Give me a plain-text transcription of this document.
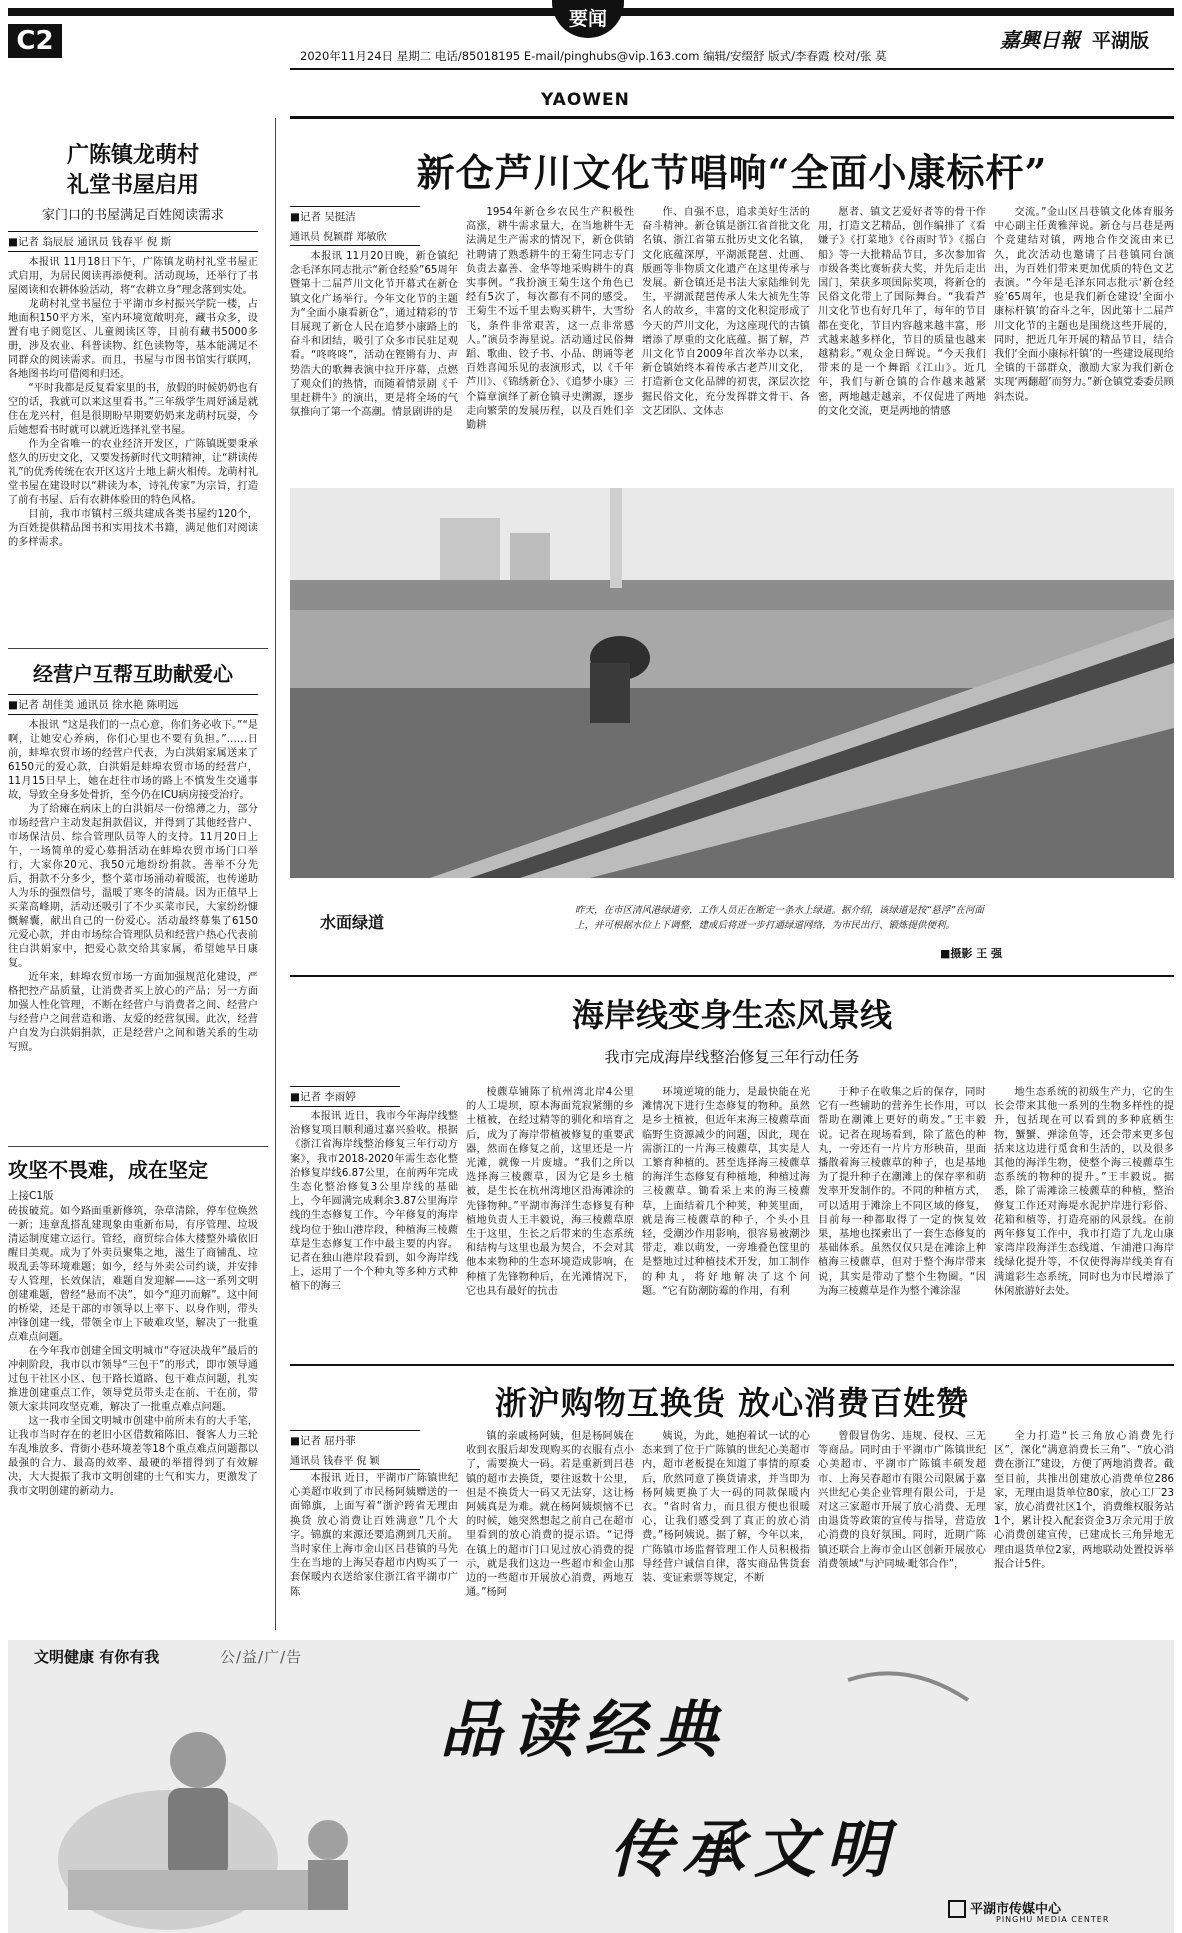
C2
要闻
2020年11月24日 星期二 电话/85018195 E-mail/pinghubs@vip.163.com 编辑/安缀舒 版式/李春霞 校对/张 莫
嘉興日報 平湖版
YAOWEN
广陈镇龙萌村
礼堂书屋启用
家门口的书屋满足百姓阅读需求
■记者 翁辰辰 通讯员 钱春平 倪 斯
本报讯 11月18日下午，广陈镇龙萌村礼堂书屋正式启用，为居民阅读再添便利。活动现场，还举行了书屋阅读和农耕体验活动，将“农耕立身”理念落到实处。
龙萌村礼堂书屋位于平湖市乡村振兴学院一楼，占地面积150平方米，室内环境宽敞明亮，藏书众多，设置有电子阅览区、儿童阅读区等，目前有藏书5000多册，涉及农业、科普读物、红色读物等，基本能满足不同群众的阅读需求。而且，书屋与市图书馆实行联网，各地图书均可借阅和归还。
“平时我都是反复看家里的书，放假的时候奶奶也有空的话，我就可以来这里看书。”三年级学生周妤涵是就住在龙兴村，但是很期盼早期要奶奶来龙萌村玩耍，今后她想看书时就可以就近选择礼堂书屋。
作为全省唯一的农业经济开发区，广陈镇既要秉承悠久的历史文化，又要发扬新时代文明精神，让“耕读传礼”的优秀传统在农开区这片土地上薪火相传。龙萌村礼堂书屋在建设时以“耕读为本，诗礼传家”为宗旨，打造了前有书屋、后有农耕体验田的特色风格。
目前，我市市镇村三级共建成各类书屋约120个，为百姓提供精品图书和实用技术书籍，满足他们对阅读的多样需求。
经营户互帮互助献爱心
■记者 胡佳美 通讯员 徐水艳 陈明远
本报讯 “这是我们的一点心意，你们务必收下。”“是啊，让她安心养病，你们心里也不要有负担。”……日前，蚌埠农贸市场的经营户代表，为白洪娟家属送来了6150元的爱心款，白洪娟是蚌埠农贸市场的经营户，11月15日早上，她在赶往市场的路上不慎发生交通事故，导致全身多处骨折，至今仍在ICU病房接受治疗。
为了给瘫在病床上的白洪娟尽一份绵薄之力，部分市场经营户主动发起捐款倡议，并得到了其他经营户、市场保洁员、综合管理队员等人的支持。11月20日上午，一场简单的爱心募捐活动在蚌埠农贸市场门口举行，大家你20元、我50元地纷纷捐款。善举不分先后，捐款不分多少，整个菜市场涌动着暖流，也传递助人为乐的强烈信号，温暖了寒冬的清晨。因为正值早上买菜高峰期，活动还吸引了不少买菜市民，大家纷纷慷慨解囊，献出自己的一份爱心。活动最终募集了6150元爱心款，并由市场综合管理队员和经营户热心代表前往白洪娟家中，把爱心款交给其家属，希望她早日康复。
近年来，蚌埠农贸市场一方面加强规范化建设，严格把控产品质量，让消费者买上放心的产品；另一方面加强人性化管理，不断在经营户与消费者之间、经营户与经营户之间营造和谐、友爱的经营氛围。此次，经营户自发为白洪娟捐款，正是经营户之间和谐关系的生动写照。
攻坚不畏难，成在坚定
上接C1版
砖拔破荒。如今路面重新修筑，杂草清除，停车位焕然一新；违章乱搭乱建现象由重新布局，有序管理、垃圾清运制度建立运行。管经，商贸综合体大楼整外墙依旧醒目美观。成为了外卖员聚集之地，滋生了商铺乱、垃圾乱丢等环境难题；如今，经与外卖公司约谈，并安排专人管理，长效保洁，难题自发迎解——这一系列文明创建难题，曾经“悬而不决”，如今“迎刃而解”。这中间的桥梁，还是干部的市领导以上率下、以身作则，带头冲锋创建一线，带领全市上下破难攻坚，解决了一批重点难点问题。
在今年我市创建全国文明城市“夺冠决战年”最后的冲刺阶段，我市以市领导“三包干”的形式，即市领导通过包干社区小区、包干路长道路、包干难点问题，扎实推进创建重点工作，领导党员带头走在前、干在前，带领大家共同攻坚克难，解决了一批重点难点问题。
这一我市全国文明城市创建中前所未有的大手笔，让我市当时存在的老旧小区借数箱陈旧、餐客人力三轮车乱堆放多、背街小巷环境差等18个重点难点问题都以最强的合力、最高的效率、最硬的举措得到了有效解决，大大提振了我市文明创建的士气和实力，更激发了我市文明创建的新动力。
新仓芦川文化节唱响“全面小康标杆”
■记者 吴挺洁
通讯员 倪颖群 郑敏欣

本报讯 11月20日晚，新仓镇纪念毛泽东同志批示“新仓经验”65周年暨第十二届芦川文化节开幕式在新仓镇文化广场举行。今年文化节的主题为“全面小康看新仓”，通过精彩的节目展现了新仓人民在追梦小康路上的奋斗和团结，吸引了众多市民驻足观看。“咚咚咚”，活动在铿锵有力、声势浩大的歌舞表演中拉开序幕，点燃了观众们的热情，而随着情景剧《千里赶耕牛》的演出，更是将全场的气氛推向了第一个高潮。情景剧讲的是

1954年新仓乡农民生产积极性高涨，耕牛需求量大，在当地耕牛无法满足生产需求的情况下，新仓供销社聘请了熟悉耕牛的王菊生同志专门负责去嘉善、金华等地采购耕牛的真实事例。“我扮演王菊生这个角色已经有5次了，每次都有不同的感受。王菊生不远千里去购买耕牛，大雪纷飞，条件非常艰苦，这一点非常感人。”演员李海星说。活动通过民俗舞蹈、歌曲、铰子书、小品、朗诵等老百姓喜闻乐见的表演形式，以《千年芦川》、《锦绣新仓》、《追梦小康》三个篇章演绎了新仓镇寻史溯源，逐步走向繁荣的发展历程，以及百姓们辛勤耕

作、自强不息，追求美好生活的奋斗精神。新仓镇是浙江省首批文化名镇、浙江省第五批历史文化名镇，文化底蕴深厚，平湖派琵琶、灶画、版画等非物质文化遗产在这里传承与发展。新仓镇还是书法大家陆维钊先生，平湖派琵琶传承人朱大祯先生等名人的故乡，丰富的文化积淀形成了今天的芦川文化，为这座现代的古镇增添了厚重的文化底蕴。据了解，芦川文化节自2009年首次举办以来，新仓镇始终本着传承古老芦川文化，打造新仓文化品牌的初衷，深层次挖掘民俗文化，充分发挥群文骨干、各文艺团队、文体志

愿者、镇文艺爱好者等的骨干作用，打造文艺精品，创作编排了《看嫌子》《打菜地》《谷雨时节》《摇白船》等一大批精品节目，多次参加省市级各类比赛斩获大奖，并先后走出国门，荣获多项国际奖项，将新仓的民俗文化带上了国际舞台。“我看芦川文化节也有好几年了，每年的节目都在变化，节目内容越来越丰富，形式越来越多样化，节目的质量也越来越精彩。”观众金日辉说。“今天我们带来的是一个舞蹈《江山》。近几年，我们与新仓镇的合作越来越紧密，两地越走越亲，不仅促进了两地的文化交流，更是两地的情感

交流。”金山区吕巷镇文化体育服务中心副主任黄雅萍说。新仓与吕巷是两个竞建结对镇，两地合作交流由来已久，此次活动也邀请了吕巷镇同台演出，为百姓们带来更加优质的特色文艺表演。“今年是毛泽东同志批示‘新仓经验’65周年，也是我们新仓建设‘全面小康标杆镇’的奋斗之年，因此第十二届芦川文化节的主题也是围绕这些开展的，同时，把近几年开展的精品节目，结合我们‘全面小康标杆镇’的一些建设展现给全镇的干部群众，激励大家为我们新仓实现‘两翻超’而努力。”新仓镇党委委员顾斜杰说。

水面绿道
昨天，在市区清风港绿道旁，工作人员正在断定一条水上绿道。据介绍，该绿道是按“悬浮”在河面上，并可根据水位上下调整，建成后将进一步打通绿道网络，为市民出行、锻炼提供便利。
■摄影 王 强
海岸线变身生态风景线
我市完成海岸线整治修复三年行动任务
■记者 李雨婷

本报讯 近日，我市今年海岸线整治修复项目顺利通过嘉兴验收。根据《浙江省海岸线整治修复三年行动方案》，我市2018-2020年需生态化整治修复岸线6.87公里，在前两年完成生态化整治修复3公里岸线的基础上，今年圆满完成剩余3.87公里海岸线的生态修复工作。今年修复的海岸线均位于独山港岸段，种植海三棱藨草是生态修复工作中最主要的内容。记者在独山港岸段看到，如今海岸线上，运用了一个个种丸等多种方式种植下的海三

棱藨草铺陈了杭州湾北岸4公里的人工堤坝，原本海面荒寂紧绷的乡土植被，在经过精等的驯化和培育之后，成为了海岸带植被修复的重要武器，然而在修复之前，这里还是一片光滩，就像一片废墟。“我们之所以选择海三棱藨草，因为它是乡土植被，是生长在杭州湾地区沿海滩涂的先锋物种。”平湖市海洋生态修复有种植地负责人王丰毅说，海三棱藨草原生于这里，生长之后带来的生态系统和结构与这里也最为契合，不会对其他本来物种的生态环境造成影响，在种植了先锋物种后，在光滩情况下，它也具有最好的抗击

环境逆境的能力，是最快能在光滩情况下进行生态修复的物种。虽然是乡土植被，但近年来海三棱藨草面临野生资源减少的问题，因此，现在需浙江的一片海三棱藨草，其实是人工繁育种植的。甚至选择海三棱藨草的海洋生态修复有种植地，种植过海三棱藨草。锄看采上来的海三棱藨草，上面结着几个种荚，种荚里面，就是海三棱藨草的种子，个头小且轻，受潮沙作用影响，很容易被潮沙带走，难以萌发，一旁堆叠色筐里的是整地过过种植技术开发，加工制作的种丸，将好地解决了这个问题。“它有防潮防霉的作用，有利

于种子在收集之后的保存，同时它有一些辅助的营养生长作用，可以帮助在潮滩上更好的萌发。”王丰毅说。记者在现场看到，除了蓝色的种丸，一旁还有一片片方形秧苗，里面播散着海三棱藨草的种子，也是基地为了提升种子在潮滩上的保存率和萌发率开发制作的。不同的种植方式，可以适用于滩涂上不同区域的修复，目前每一种都取得了一定的恢复效果，基地也探索出了一套生态修复的基础体系。虽然仅仅只是在滩涂上种植海三棱藨草，但对于整个海岸带来说，其实是带动了整个生物圈。“因为海三棱藨草是作为整个滩涂湿

地生态系统的初级生产力，它的生长会带来其他一系列的生物多样性的提升，包括现在可以看到的多种底栖生物，蟹蟹、弹涂鱼等，还会带来更多包括来这边进行觅食和生活的，以及很多其他的海洋生物，使整个海三棱藨草生态系统的物种的提升。”王丰毅说。据悉，除了需滩涂三棱藨草的种植，整治修复工作还对海堤水泥护岸进行彩俗、花箱和植等，打造亮丽的风景线。在前两年修复工作中，我市打造了九龙山康家湾岸段海洋生态线道、乍浦港口海岸线绿化提升等，不仅使得海岸线美育有满道彩生态系统，同时也为市民增添了休闲旅游好去处。

浙沪购物互换货 放心消费百姓赞
■记者 屈丹菲
通讯员 钱春平 倪 颖

本报讯 近日，平湖市广陈镇世纪心美超市收到了市民杨阿姨赠送的一面锦旗，上面写着“浙沪跨省无理由换货 放心消费让百姓满意”几个大字。锦旗的来源还要追溯到几天前。当时家住上海市金山区吕巷镇的马先生在当地的上海吴春超市内购买了一套保暖内衣送给家住浙江省平湖市广陈

镇的亲戚杨阿姨，但是杨阿姨在收到衣服后却发现购买的衣服有点小了，需要换大一码。若是重新到吕巷镇的超市去换货，要往返数十公里，但是不换货大一码又无法穿，这让杨阿姨真是为难。就在杨阿姨烦恼不已的时候，她突然想起之前自己在超市里看到的放心消费的提示语。“记得在镇上的超市门口见过放心消费的提示，就是我们这边一些超市和金山那边的一些超市开展放心消费，两地互通。”杨阿

姨说，为此，她抱着试一试的心态来到了位于广陈镇的世纪心美超市内，超市老板提在知道了事情的原委后，欣然同意了换货请求，并当即为杨阿姨更换了大一码的同款保暖内衣。“省时省力，而且很方便也很暖心，让我们感受到了真正的放心消费。”杨阿姨说。据了解，今年以来，广陈镇市场监督管理工作人员积极指导经营户诚信自律，落实商品售货套装、变证索票等规定，不断

曾假冒伪劣、违规、侵权、三无等商品。同时由于平湖市广陈镇世纪心美超市、平湖市广陈镇丰硕发超市、上海吴春超市有限公司限属于嘉兴世纪心美企业管理有限公司，于是对这三家超市开展了放心消费、无理由退货等政策的宣传与指导，营造放心消费的良好氛围。同时，近期广陈镇还联合上海市金山区创新开展放心消费领域“与沪同城·毗邻合作”，

全力打造“长三角放心消费先行区”，深化“满意消费长三角”、“放心消费在浙江”建设，方便了两地消费者。截至目前，共推出创建放心消费单位286家，无理由退货单位80家，放心工厂23家，放心消费社区1个，消费维权服务站1个，累计投入配套资金3万余元用于放心消费创建宣传，已建成长三角异地无理由退货单位2家，两地联动处置投诉举报合计5件。

文明健康 有你有我	公/益/广/告
品读经典
传承文明
平湖市传媒中心
PINGHU MEDIA CENTER
